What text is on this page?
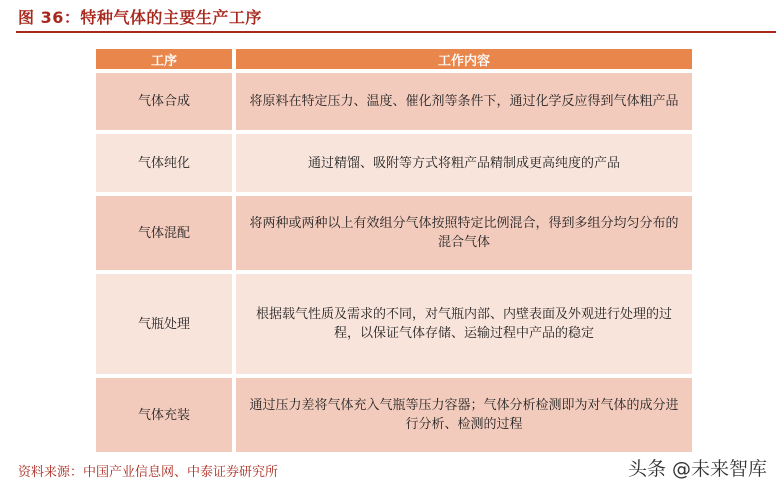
图 36：特种气体的主要生产工序
工序	工作内容
气体合成	将原料在特定压力、温度、催化剂等条件下，通过化学反应得到气体粗产品
气体纯化	通过精馏、吸附等方式将粗产品精制成更高纯度的产品
气体混配	将两种或两种以上有效组分气体按照特定比例混合，得到多组分均匀分布的混合气体
气瓶处理	根据载气性质及需求的不同，对气瓶内部、内壁表面及外观进行处理的过程，以保证气体存储、运输过程中产品的稳定
气体充装	通过压力差将气体充入气瓶等压力容器；气体分析检测即为对气体的成分进行分析、检测的过程
资料来源：中国产业信息网、中泰证券研究所	头条 @未来智库
